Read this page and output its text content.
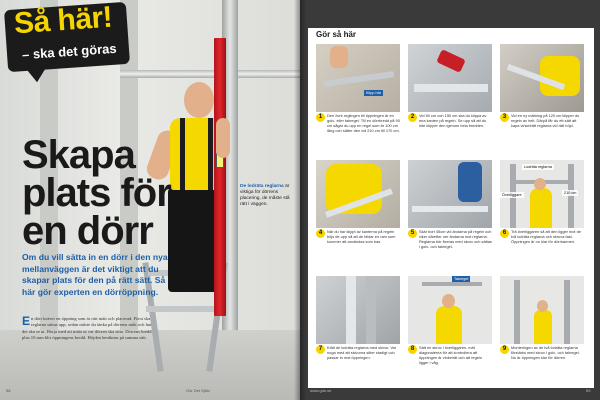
Så här!
– ska det göras
Skapa plats för en dörr
Om du vill sätta in en dörr i den nya mellanväggen är det viktigt att du skapar plats för den på rätt sätt. Så här gör experten en dörröppning.
En dörr kräver en öppning som är rätt mätt och placerad. Först ska reglarna sättas upp, sedan måste du tänka på dörrens mått och hur det ska se ut. Börja med att mäta ut var dörren ska sitta. Dörrens bredd plus 10 mm blir öppningens bredd. Höjden beräknas på samma sätt.
De lodräta reglarna är viktiga för dörrens placering, de måste stå rätt i väggen.
58	Gör Det Själv
Gör så här
Klipp här
1	Den övre reglingen till öppningen är en golv- eller takregel. Till en dörrbredd på 90 cm sågar du upp en regel som är 100 cm lång och sätter den vid 210 cm till 170 cm.
2	Vid 50 cm och 150 cm ska du klippa av ena kanten på regeln. Se upp så att du inte klipper den igenom hela bredden.
3	Vid en ny mätning på 120 cm klipper du regeln av helt. Därpå får du ett sätt att kapa vinkelrätt reglarna vid rätt höjd.
4	När du har klippt av kanterna på regeln böjs de upp så att de bildar en ram som kommer att användas som bas.
5	Skär bort 45cm vid ändarna på regeln och viker därefter ner ändarna mot reglarna. Reglarna bör fixeras med skruv och sättas i golv- och takregel.
Lodräta reglarna
Överliggare	210 cm
6	Trä överliggaren så att den ligger mot de två lodräta reglarna och skruva fast. Öppningen är nu klar för dörrkarmen.
7	Klätt de lodräta reglarna med skivor. Var noga med att skivorna sitter stadigt och passar in mot öppningen.
Takregel
8	Sätt en skruv i överliggaren, mät diagonalerna för att kontrollera att öppningen är vinkelrät och att regeln ligger i våg.
9	Monteringen av de två lodräta reglarna förstärks med skruv i golv- och takregel. Nu är öppningen klar för dörren.
www.gds.se	59
